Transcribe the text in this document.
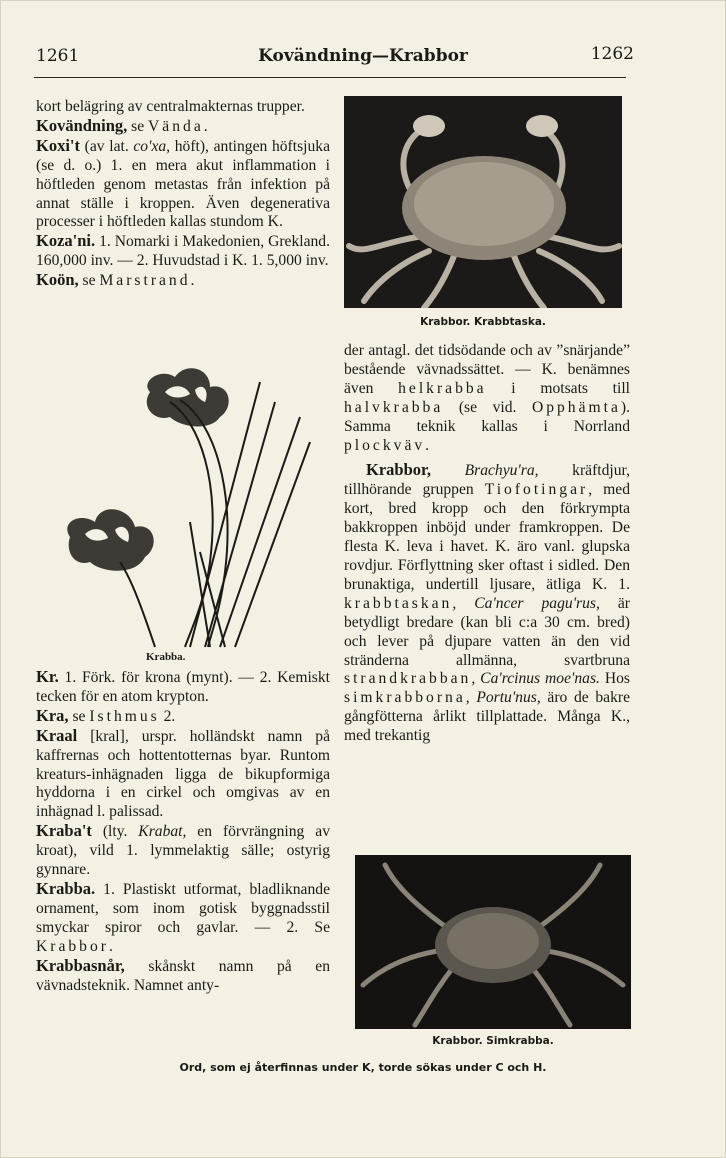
1261	Kovändning—Krabbor	1262

kort belägring av centralmakternas trupper.

Kovändning, se Vända.

Koxi't (av lat. co'xa, höft), antingen höftsjuka (se d. o.) 1. en mera akut inflammation i höftleden genom metastas från infektion på annat ställe i kroppen. Även degenerativa processer i höftleden kallas stundom K.

Koza'ni. 1. Nomarki i Makedonien, Grekland. 160,000 inv. — 2. Huvudstad i K. 1. 5,000 inv.

Koön, se Marstrand.

Krabba.

Kr. 1. Förk. för krona (mynt). — 2. Kemiskt tecken för en atom krypton.

Kra, se Isthmus 2.

Kraal [kral], urspr. holländskt namn på kaffrernas och hottentotternas byar. Runtom kreaturs-inhägnaden ligga de bikupformiga hyddorna i en cirkel och omgivas av en inhägnad l. palissad.

Kraba't (lty. Krabat, en förvrängning av kroat), vild 1. lymmelaktig sälle; ostyrig gynnare.

Krabba. 1. Plastiskt utformat, bladliknande ornament, som inom gotisk byggnadsstil smyckar spiror och gavlar. — 2. Se Krabbor.

Krabbasnår, skånskt namn på en vävnadsteknik. Namnet anty-

Krabbor. Krabbtaska.

der antagl. det tidsödande och av ”snärjande” bestående vävnadssättet. — K. benämnes även helkrabba i motsats till halvkrabba (se vid. Opphämta). Samma teknik kallas i Norrland plockväv.

Krabbor, Brachyu'ra, kräftdjur, tillhörande gruppen Tiofotingar, med kort, bred kropp och den förkrympta bakkroppen inböjd under framkroppen. De flesta K. leva i havet. K. äro vanl. glupska rovdjur. Förflyttning sker oftast i sidled. Den brunaktiga, undertill ljusare, ätliga K. 1. krabbtaskan, Ca'ncer pagu'rus, är betydligt bredare (kan bli c:a 30 cm. bred) och lever på djupare vatten än den vid stränderna allmänna, svartbruna strandkrabban, Ca'rcinus moe'nas. Hos simkrabborna, Portu'nus, äro de bakre gångfötterna årlikt tillplattade. Många K., med trekantig

Krabbor. Simkrabba.
Ord, som ej återfinnas under K, torde sökas under C och H.
